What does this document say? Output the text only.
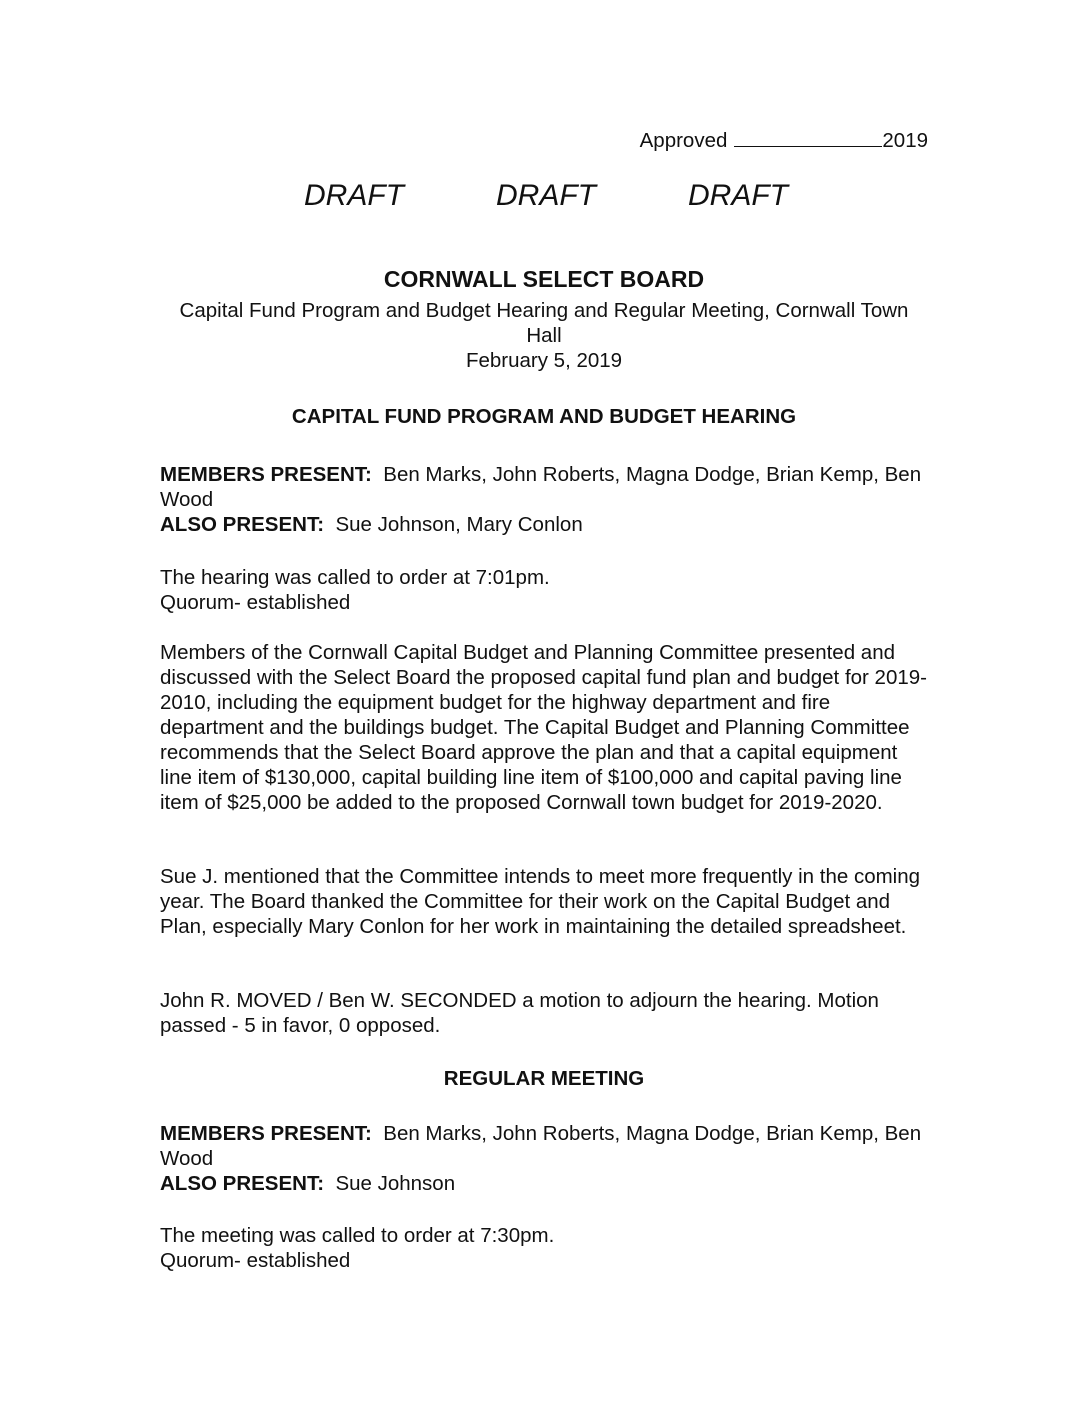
Approved	2019
DRAFT	DRAFT	DRAFT
CORNWALL SELECT BOARD
Capital Fund Program and Budget Hearing and Regular Meeting, Cornwall Town Hall
February 5, 2019
CAPITAL FUND PROGRAM AND BUDGET HEARING

MEMBERS PRESENT: Ben Marks, John Roberts, Magna Dodge, Brian Kemp, Ben Wood

ALSO PRESENT: Sue Johnson, Mary Conlon

The hearing was called to order at 7:01pm.

Quorum- established

Members of the Cornwall Capital Budget and Planning Committee presented and discussed with the Select Board the proposed capital fund plan and budget for 2019-2010, including the equipment budget for the highway department and fire department and the buildings budget. The Capital Budget and Planning Committee recommends that the Select Board approve the plan and that a capital equipment line item of $130,000, capital building line item of $100,000 and capital paving line item of $25,000 be added to the proposed Cornwall town budget for 2019-2020.

Sue J. mentioned that the Committee intends to meet more frequently in the coming year. The Board thanked the Committee for their work on the Capital Budget and Plan, especially Mary Conlon for her work in maintaining the detailed spreadsheet.

John R. MOVED / Ben W. SECONDED a motion to adjourn the hearing. Motion passed - 5 in favor, 0 opposed.

REGULAR MEETING

MEMBERS PRESENT: Ben Marks, John Roberts, Magna Dodge, Brian Kemp, Ben Wood

ALSO PRESENT: Sue Johnson

The meeting was called to order at 7:30pm.

Quorum- established
